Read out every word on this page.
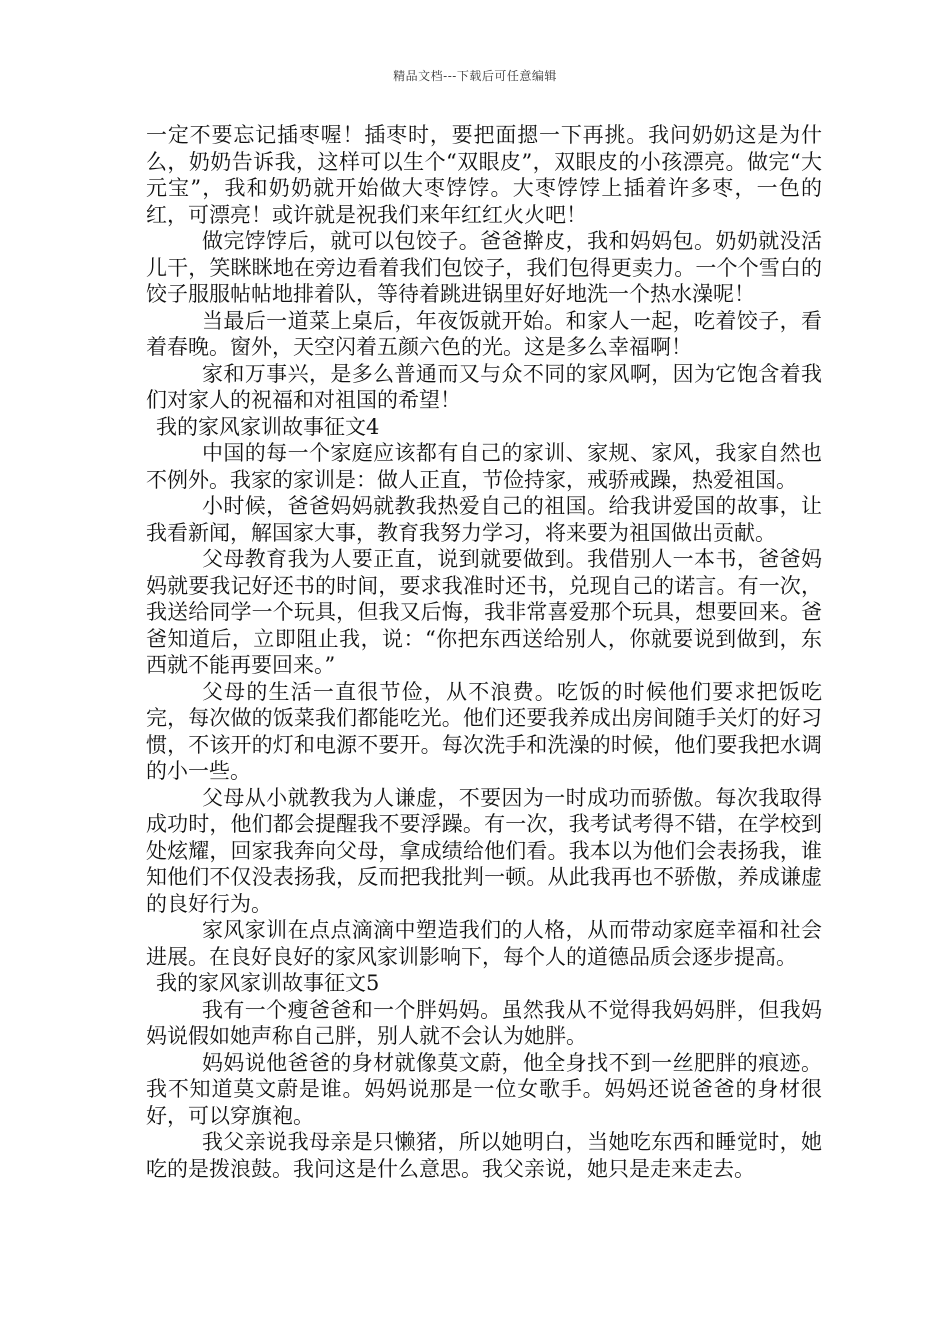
精品文档---下载后可任意编辑

一定不要忘记插枣喔！插枣时，要把面摁一下再挑。我问奶奶这是为什么，奶奶告诉我，这样可以生个“双眼皮”，双眼皮的小孩漂亮。做完“大元宝”，我和奶奶就开始做大枣饽饽。大枣饽饽上插着许多枣，一色的红，可漂亮！或许就是祝我们来年红红火火吧！

做完饽饽后，就可以包饺子。爸爸擀皮，我和妈妈包。奶奶就没活儿干，笑眯眯地在旁边看着我们包饺子，我们包得更卖力。一个个雪白的饺子服服帖帖地排着队，等待着跳进锅里好好地洗一个热水澡呢！

当最后一道菜上桌后，年夜饭就开始。和家人一起，吃着饺子，看着春晚。窗外，天空闪着五颜六色的光。这是多么幸福啊！

家和万事兴，是多么普通而又与众不同的家风啊，因为它饱含着我们对家人的祝福和对祖国的希望！

我的家风家训故事征文4

中国的每一个家庭应该都有自己的家训、家规、家风，我家自然也不例外。我家的家训是：做人正直，节俭持家，戒骄戒躁，热爱祖国。

小时候，爸爸妈妈就教我热爱自己的祖国。给我讲爱国的故事，让我看新闻，解国家大事，教育我努力学习，将来要为祖国做出贡献。

父母教育我为人要正直，说到就要做到。我借别人一本书，爸爸妈妈就要我记好还书的时间，要求我准时还书，兑现自己的诺言。有一次，我送给同学一个玩具，但我又后悔，我非常喜爱那个玩具，想要回来。爸爸知道后，立即阻止我，说：“你把东西送给别人，你就要说到做到，东西就不能再要回来。”

父母的生活一直很节俭，从不浪费。吃饭的时候他们要求把饭吃完，每次做的饭菜我们都能吃光。他们还要我养成出房间随手关灯的好习惯，不该开的灯和电源不要开。每次洗手和洗澡的时候，他们要我把水调的小一些。

父母从小就教我为人谦虚，不要因为一时成功而骄傲。每次我取得成功时，他们都会提醒我不要浮躁。有一次，我考试考得不错，在学校到处炫耀，回家我奔向父母，拿成绩给他们看。我本以为他们会表扬我，谁知他们不仅没表扬我，反而把我批判一顿。从此我再也不骄傲，养成谦虚的良好行为。

家风家训在点点滴滴中塑造我们的人格，从而带动家庭幸福和社会进展。在良好良好的家风家训影响下，每个人的道德品质会逐步提高。

我的家风家训故事征文5

我有一个瘦爸爸和一个胖妈妈。虽然我从不觉得我妈妈胖，但我妈妈说假如她声称自己胖，别人就不会认为她胖。

妈妈说他爸爸的身材就像莫文蔚，他全身找不到一丝肥胖的痕迹。我不知道莫文蔚是谁。妈妈说那是一位女歌手。妈妈还说爸爸的身材很好，可以穿旗袍。

我父亲说我母亲是只懒猪，所以她明白，当她吃东西和睡觉时，她吃的是拨浪鼓。我问这是什么意思。我父亲说，她只是走来走去。
